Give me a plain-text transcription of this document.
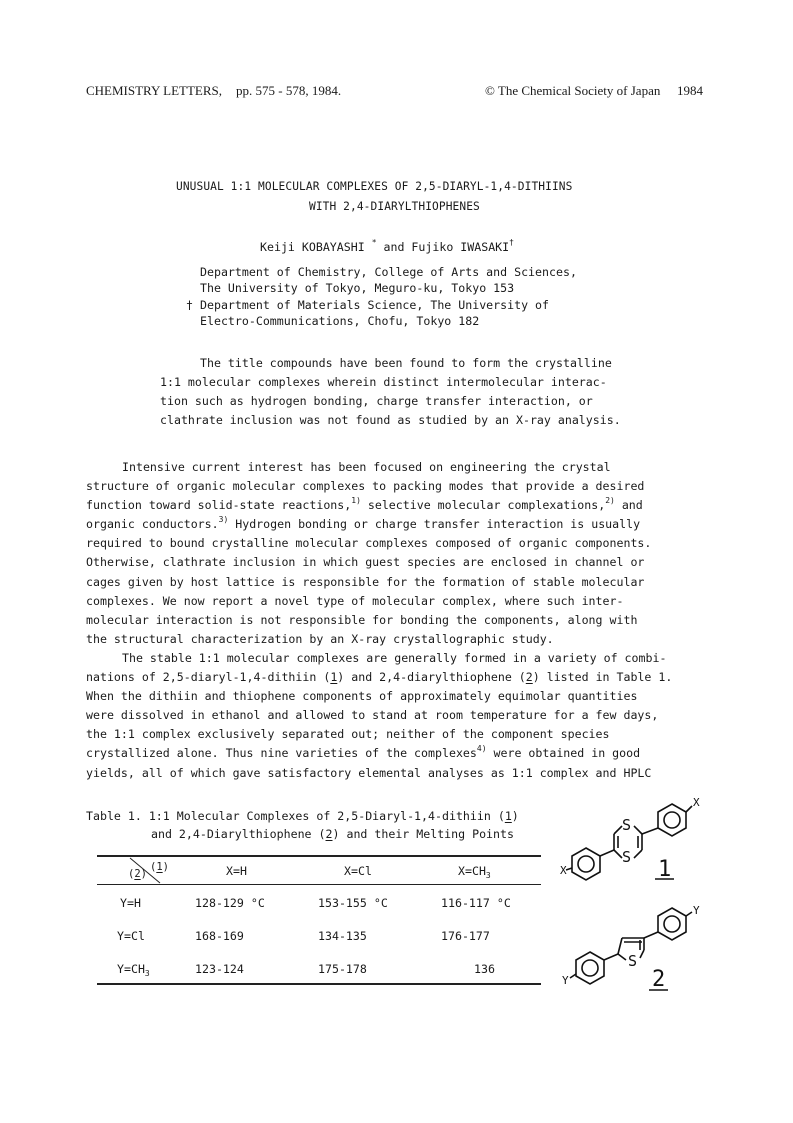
CHEMISTRY LETTERS, pp. 575 - 578, 1984.	© The Chemical Society of Japan 1984
UNUSUAL 1:1 MOLECULAR COMPLEXES OF 2,5-DIARYL-1,4-DITHIINS
WITH 2,4-DIARYLTHIOPHENES
Keiji KOBAYASHI * and Fujiko IWASAKI†
Department of Chemistry, College of Arts and Sciences,
The University of Tokyo, Meguro-ku, Tokyo 153
† Department of Materials Science, The University of
Electro-Communications, Chofu, Tokyo 182
The title compounds have been found to form the crystalline
1:1 molecular complexes wherein distinct intermolecular interac-
tion such as hydrogen bonding, charge transfer interaction, or
clathrate inclusion was not found as studied by an X-ray analysis.
Intensive current interest has been focused on engineering the crystal
structure of organic molecular complexes to packing modes that provide a desired
function toward solid-state reactions,$^{1)}$ selective molecular complexations,$^{2)}$ and
organic conductors.$^{3)}$ Hydrogen bonding or charge transfer interaction is usually
required to bound crystalline molecular complexes composed of organic components.
Otherwise, clathrate inclusion in which guest species are enclosed in channel or
cages given by host lattice is responsible for the formation of stable molecular
complexes. We now report a novel type of molecular complex, where such inter-
molecular interaction is not responsible for bonding the components, along with
the structural characterization by an X-ray crystallographic study.
The stable 1:1 molecular complexes are generally formed in a variety of combi-
nations of 2,5-diaryl-1,4-dithiin (1) and 2,4-diarylthiophene (2) listed in Table 1.
When the dithiin and thiophene components of approximately equimolar quantities
were dissolved in ethanol and allowed to stand at room temperature for a few days,
the 1:1 complex exclusively separated out; neither of the component species
crystallized alone. Thus nine varieties of the complexes$^{4)}$ were obtained in good
yields, all of which gave satisfactory elemental analyses as 1:1 complex and HPLC
Table 1. 1:1 Molecular Complexes of 2,5-Diaryl-1,4-dithiin (1)
and 2,4-Diarylthiophene (2) and their Melting Points
(2)
(1)	X=H	X=Cl	$X=CH_3$
Y=H	128-129 °C	153-155 °C	116-117 °C
Y=Cl	168-169	134-135	176-177
$Y=CH_3$	123-124	175-178	136
S
S
X
X	1
S
Y
Y	2
